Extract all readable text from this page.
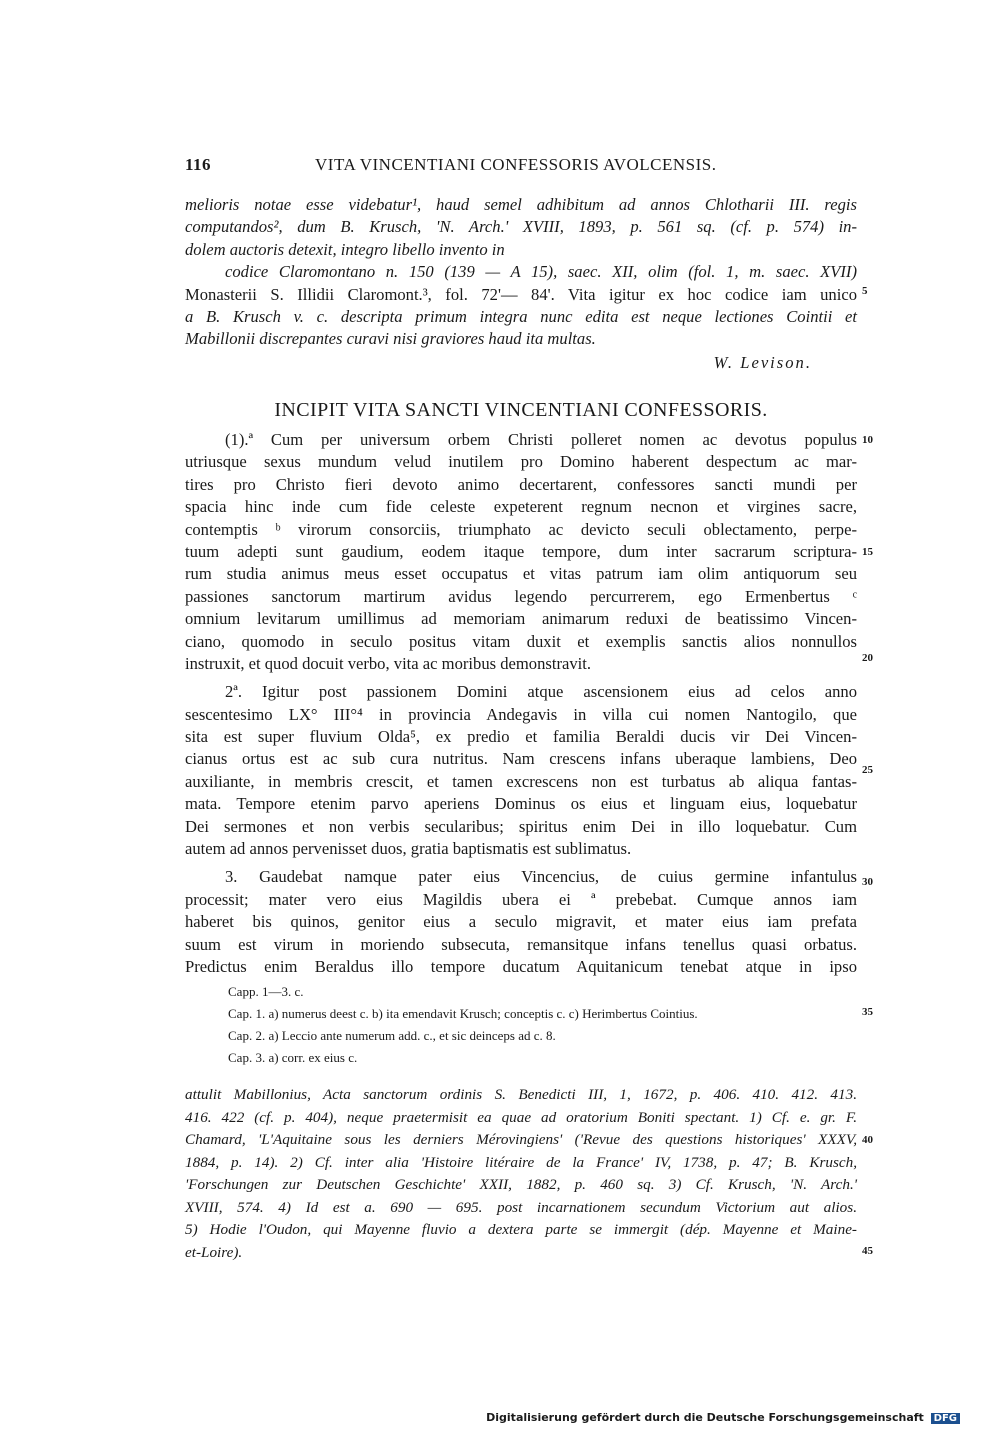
116	VITA VINCENTIANI CONFESSORIS AVOLCENSIS.
melioris notae esse videbatur¹, haud semel adhibitum ad annos Chlotharii III. regis
computandos², dum B. Krusch, 'N. Arch.' XVIII, 1893, p. 561 sq. (cf. p. 574) in-
dolem auctoris detexit, integro libello invento in
codice Claromontano n. 150 (139 — A 15), saec. XII, olim (fol. 1, m. saec. XVII)
Monasterii S. Illidii Claromont.³, fol. 72'— 84'. Vita igitur ex hoc codice iam unico
a B. Krusch v. c. descripta primum integra nunc edita est neque lectiones Cointii et
Mabillonii discrepantes curavi nisi graviores haud ita multas.
W. Levison.
INCIPIT VITA SANCTI VINCENTIANI CONFESSORIS.
(1).ª Cum per universum orbem Christi polleret nomen ac devotus populus
utriusque sexus mundum velud inutilem pro Domino haberent despectum ac mar-
tires pro Christo fieri devoto animo decertarent, confessores sancti mundi per
spacia hinc inde cum fide celeste expeterent regnum necnon et virgines sacre,
contemptis ᵇ virorum consorciis, triumphato ac devicto seculi oblectamento, perpe-
tuum adepti sunt gaudium, eodem itaque tempore, dum inter sacrarum scriptura-
rum studia animus meus esset occupatus et vitas patrum iam olim antiquorum seu
passiones sanctorum martirum avidus legendo percurrerem, ego Ermenbertus ᶜ
omnium levitarum umillimus ad memoriam animarum reduxi de beatissimo Vincen-
ciano, quomodo in seculo positus vitam duxit et exemplis sanctis alios nonnullos
instruxit, et quod docuit verbo, vita ac moribus demonstravit.
2ª. Igitur post passionem Domini atque ascensionem eius ad celos anno
sescentesimo LX° III°⁴ in provincia Andegavis in villa cui nomen Nantogilo, que
sita est super fluvium Olda⁵, ex predio et familia Beraldi ducis vir Dei Vincen-
cianus ortus est ac sub cura nutritus. Nam crescens infans uberaque lambiens, Deo
auxiliante, in membris crescit, et tamen excrescens non est turbatus ab aliqua fantas-
mata. Tempore etenim parvo aperiens Dominus os eius et linguam eius, loquebatur
Dei sermones et non verbis secularibus; spiritus enim Dei in illo loquebatur. Cum
autem ad annos pervenisset duos, gratia baptismatis est sublimatus.
3. Gaudebat namque pater eius Vincencius, de cuius germine infantulus
processit; mater vero eius Magildis ubera ei ª prebebat. Cumque annos iam
haberet bis quinos, genitor eius a seculo migravit, et mater eius iam prefata
suum est virum in moriendo subsecuta, remansitque infans tenellus quasi orbatus.
Predictus enim Beraldus illo tempore ducatum Aquitanicum tenebat atque in ipso
5
10
15
20
25
30
35
40
45
Capp. 1—3. c.
Cap. 1. a) numerus deest c. b) ita emendavit Krusch; conceptis c. c) Herimbertus Cointius.
Cap. 2. a) Leccio ante numerum add. c., et sic deinceps ad c. 8.
Cap. 3. a) corr. ex eius c.
attulit Mabillonius, Acta sanctorum ordinis S. Benedicti III, 1, 1672, p. 406. 410. 412. 413.
416. 422 (cf. p. 404), neque praetermisit ea quae ad oratorium Boniti spectant. 1) Cf. e. gr. F.
Chamard, 'L'Aquitaine sous les derniers Mérovingiens' ('Revue des questions historiques' XXXV,
1884, p. 14). 2) Cf. inter alia 'Histoire litéraire de la France' IV, 1738, p. 47; B. Krusch,
'Forschungen zur Deutschen Geschichte' XXII, 1882, p. 460 sq. 3) Cf. Krusch, 'N. Arch.'
XVIII, 574. 4) Id est a. 690 — 695. post incarnationem secundum Victorium aut alios.
5) Hodie l'Oudon, qui Mayenne fluvio a dextera parte se immergit (dép. Mayenne et Maine-
et-Loire).
Digitalisierung gefördert durch die Deutsche Forschungsgemeinschaft DFG
